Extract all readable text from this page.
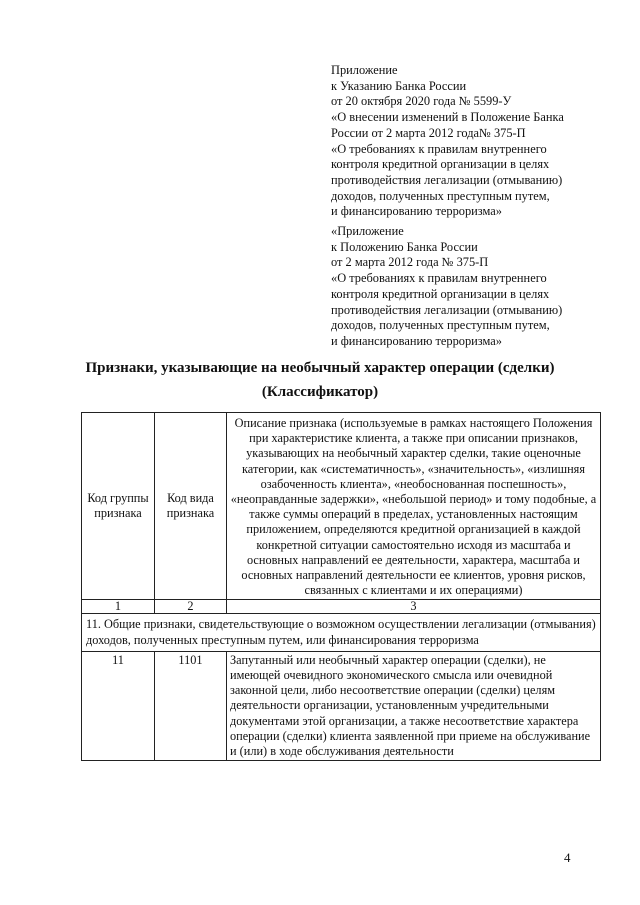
Приложение
к Указанию Банка России
от 20 октября 2020 года № 5599-У
«О внесении изменений в Положение Банка
России от 2 марта 2012 года№ 375-П
«О требованиях к правилам внутреннего
контроля кредитной организации в целях
противодействия легализации (отмыванию)
доходов, полученных преступным путем,
и финансированию терроризма»
«Приложение
к Положению Банка России
от 2 марта 2012 года № 375-П
«О требованиях к правилам внутреннего
контроля кредитной организации в целях
противодействия легализации (отмыванию)
доходов, полученных преступным путем,
и финансированию терроризма»
Признаки, указывающие на необычный характер операции (сделки)
(Классификатор)
Код группы признака	Код вида признака	Описание признака (используемые в рамках настоящего Положения при характеристике клиента, а также при описании признаков, указывающих на необычный характер сделки, такие оценочные категории, как «систематичность», «значительность», «излишняя озабоченность клиента», «необоснованная поспешность», «неоправданные задержки», «небольшой период» и тому подобные, а также суммы операций в пределах, установленных настоящим приложением, определяются кредитной организацией в каждой конкретной ситуации самостоятельно исходя из масштаба и основных направлений ее деятельности, характера, масштаба и основных направлений деятельности ее клиентов, уровня рисков, связанных с клиентами и их операциями)
1	2	3
11. Общие признаки, свидетельствующие о возможном осуществлении легализации (отмывания) доходов, полученных преступным путем, или финансирования терроризма		
11	1101	Запутанный или необычный характер операции (сделки), не имеющей очевидного экономического смысла или очевидной законной цели, либо несоответствие операции (сделки) целям деятельности организации, установленным учредительными документами этой организации, а также несоответствие характера операции (сделки) клиента заявленной при приеме на обслуживание и (или) в ходе обслуживания деятельности
4
